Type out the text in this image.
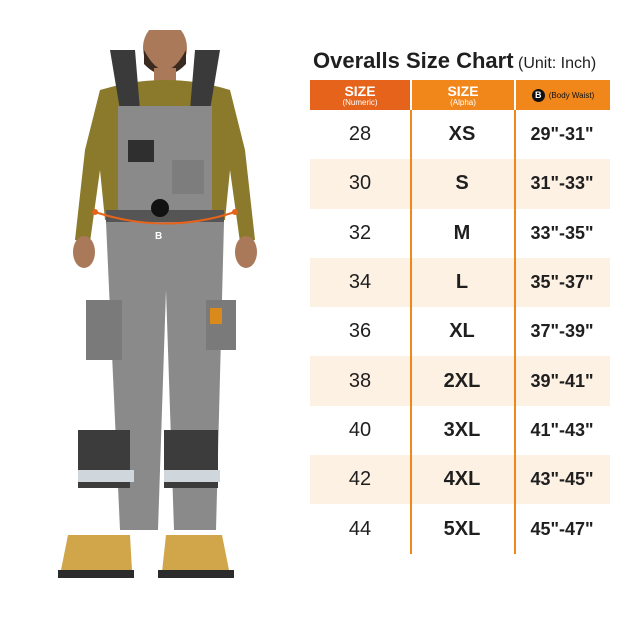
B
Overalls Size Chart (Unit: Inch)
SIZE
(Numeric)
SIZE
(Alpha)
B (Body Waist)
28	XS	29"-31"
30	S	31"-33"
32	M	33"-35"
34	L	35"-37"
36	XL	37"-39"
38	2XL	39"-41"
40	3XL	41"-43"
42	4XL	43"-45"
44	5XL	45"-47"
